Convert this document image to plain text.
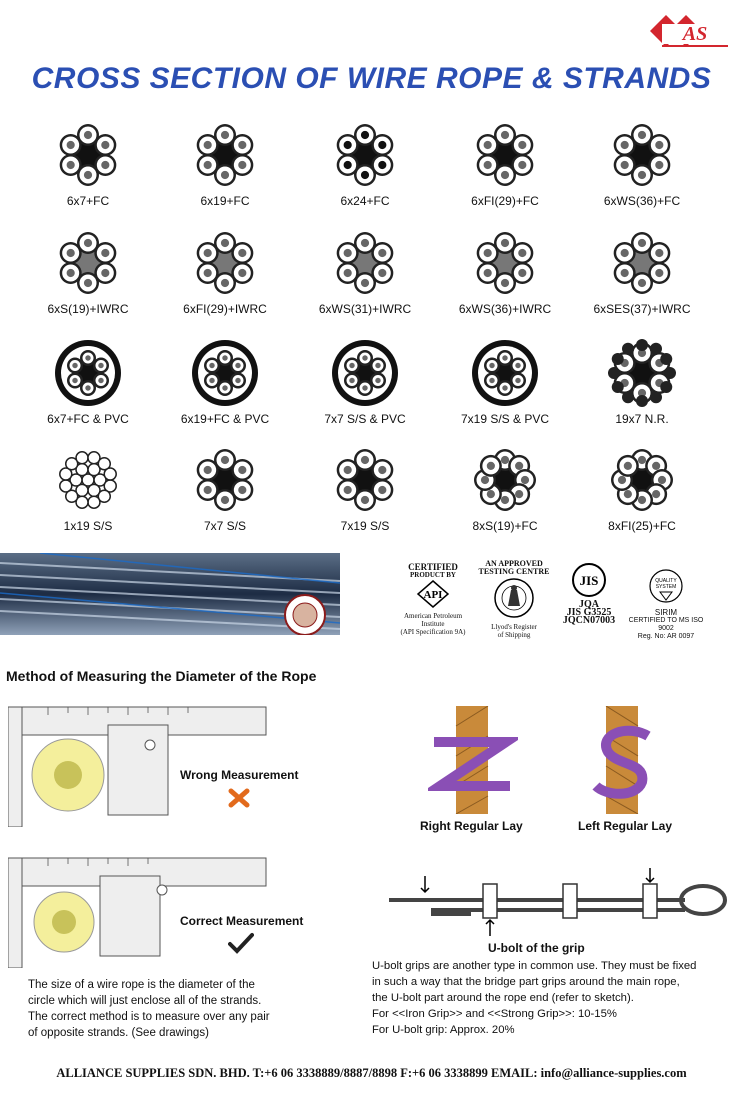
AS
CROSS SECTION OF WIRE ROPE & STRANDS
6x7+FC	6x19+FC	6x24+FC	6xFI(29)+FC	6xWS(36)+FC
6xS(19)+IWRC	6xFI(29)+IWRC	6xWS(31)+IWRC	6xWS(36)+IWRC	6xSES(37)+IWRC
6x7+FC & PVC	6x19+FC & PVC	7x7 S/S & PVC	7x19 S/S & PVC	19x7 N.R.
1x19 S/S	7x7 S/S	7x19 S/S	8xS(19)+FC	8xFI(25)+FC
CERTIFIED
PRODUCT BY
API
American Petroleum Institute
(API Specification 9A)
AN APPROVED
TESTING CENTRE
Llyod's Register
of Shipping
JIS
JQA
JIS G3525
JQCN07003
QUALITY
SYSTEM
SIRIM
CERTIFIED TO MS ISO 9002
Reg. No: AR 0097
Method of Measuring the Diameter of the Rope
Wrong Measurement
Correct Measurement
The size of a wire rope is the diameter of the
circle which will just enclose all of the strands.
The correct method is to measure over any pair
of opposite strands. (See drawings)
Right Regular Lay	Left Regular Lay
U-bolt of the grip
U-bolt grips are another type in common use. They must be fixed
in such a way that the bridge part grips around the main rope,
the U-bolt part around the rope end (refer to sketch).
For <<Iron Grip>> and <<Strong Grip>>: 10-15%
For U-bolt grip: Approx. 20%
ALLIANCE SUPPLIES SDN. BHD. T:+6 06 3338889/8887/8898 F:+6 06 3338899 EMAIL: info@alliance-supplies.com
